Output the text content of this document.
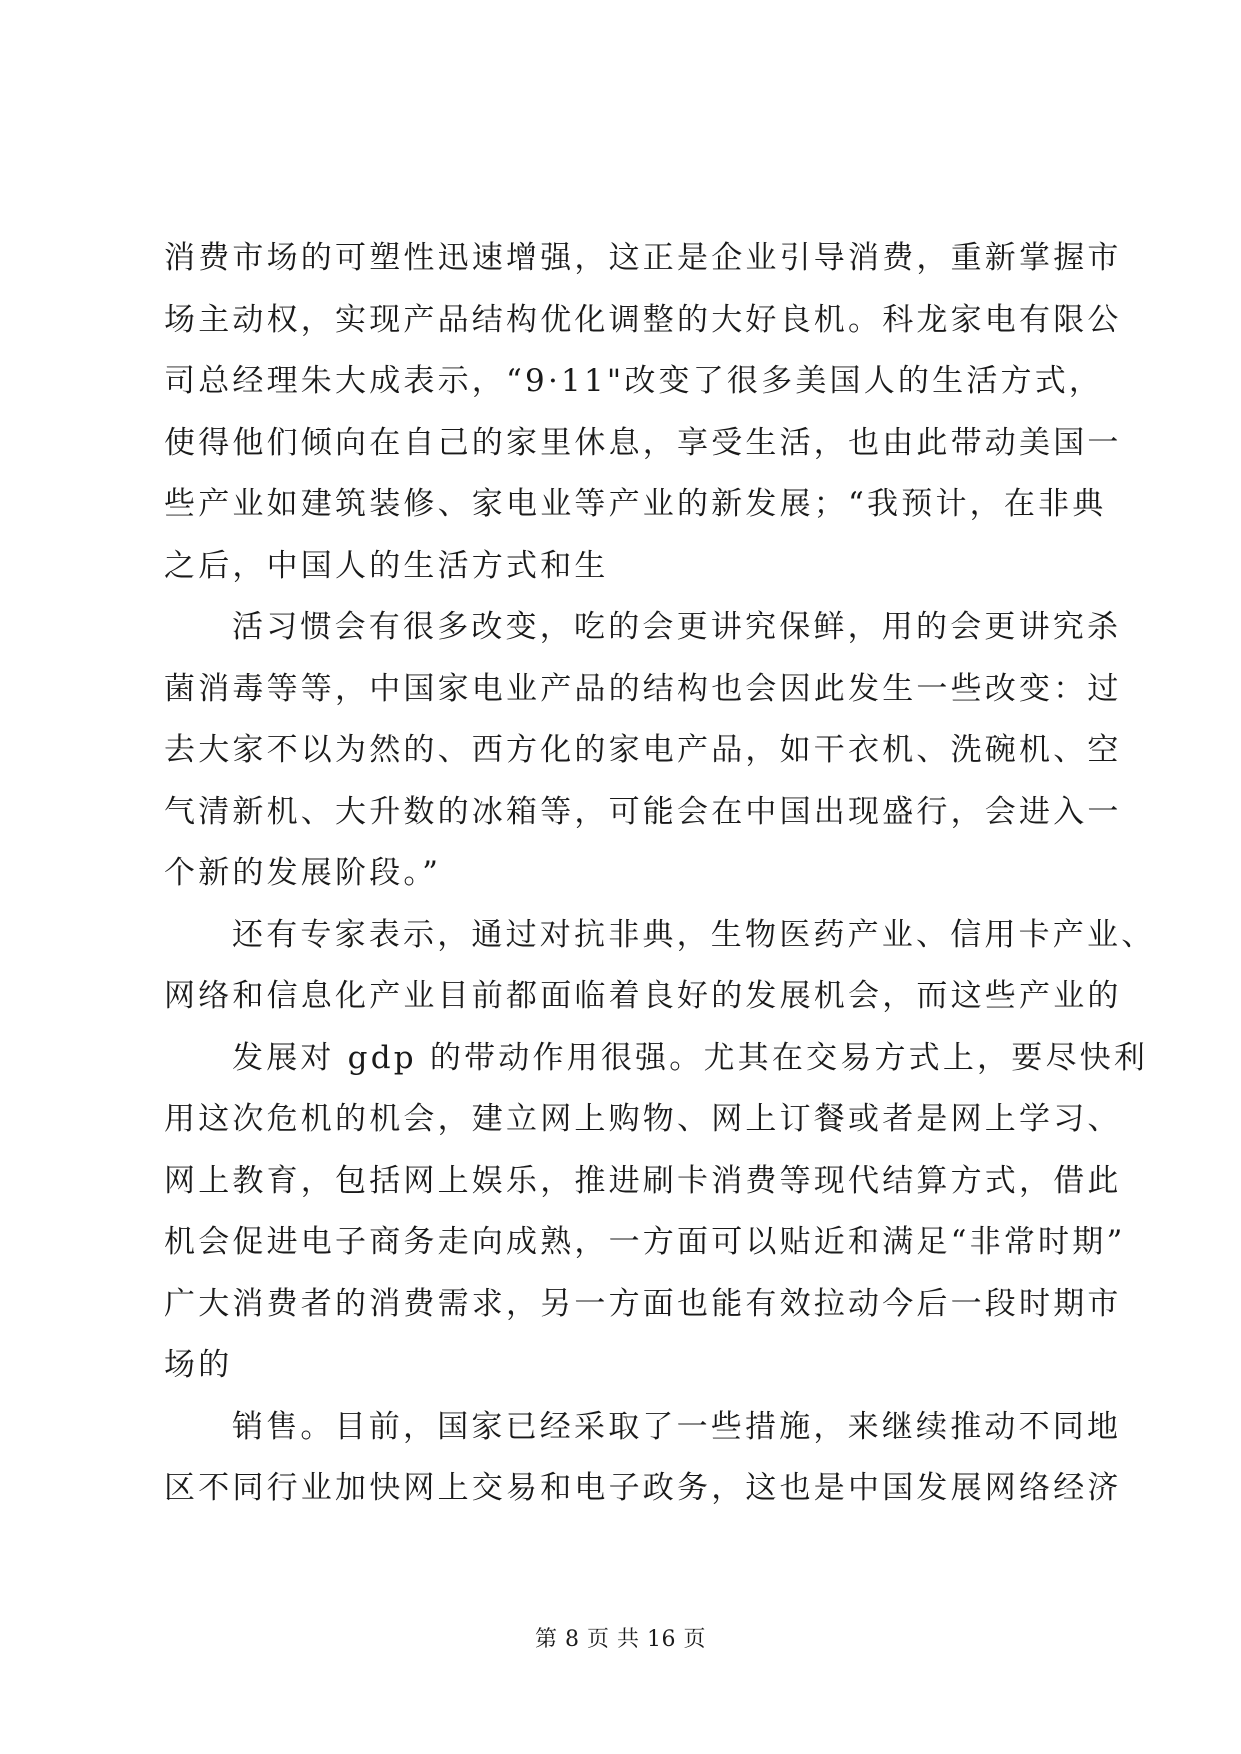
消费市场的可塑性迅速增强，这正是企业引导消费，重新掌握市
场主动权，实现产品结构优化调整的大好良机。科龙家电有限公
司总经理朱大成表示，“9·11"改变了很多美国人的生活方式，
使得他们倾向在自己的家里休息，享受生活，也由此带动美国一
些产业如建筑装修、家电业等产业的新发展；“我预计，在非典
之后，中国人的生活方式和生
活习惯会有很多改变，吃的会更讲究保鲜，用的会更讲究杀
菌消毒等等，中国家电业产品的结构也会因此发生一些改变：过
去大家不以为然的、西方化的家电产品，如干衣机、洗碗机、空
气清新机、大升数的冰箱等，可能会在中国出现盛行，会进入一
个新的发展阶段。”
还有专家表示，通过对抗非典，生物医药产业、信用卡产业、
网络和信息化产业目前都面临着良好的发展机会，而这些产业的
发展对 gdp 的带动作用很强。尤其在交易方式上，要尽快利
用这次危机的机会，建立网上购物、网上订餐或者是网上学习、
网上教育，包括网上娱乐，推进刷卡消费等现代结算方式，借此
机会促进电子商务走向成熟，一方面可以贴近和满足“非常时期”
广大消费者的消费需求，另一方面也能有效拉动今后一段时期市
场的
销售。目前，国家已经采取了一些措施，来继续推动不同地
区不同行业加快网上交易和电子政务，这也是中国发展网络经济
第 8 页 共 16 页
